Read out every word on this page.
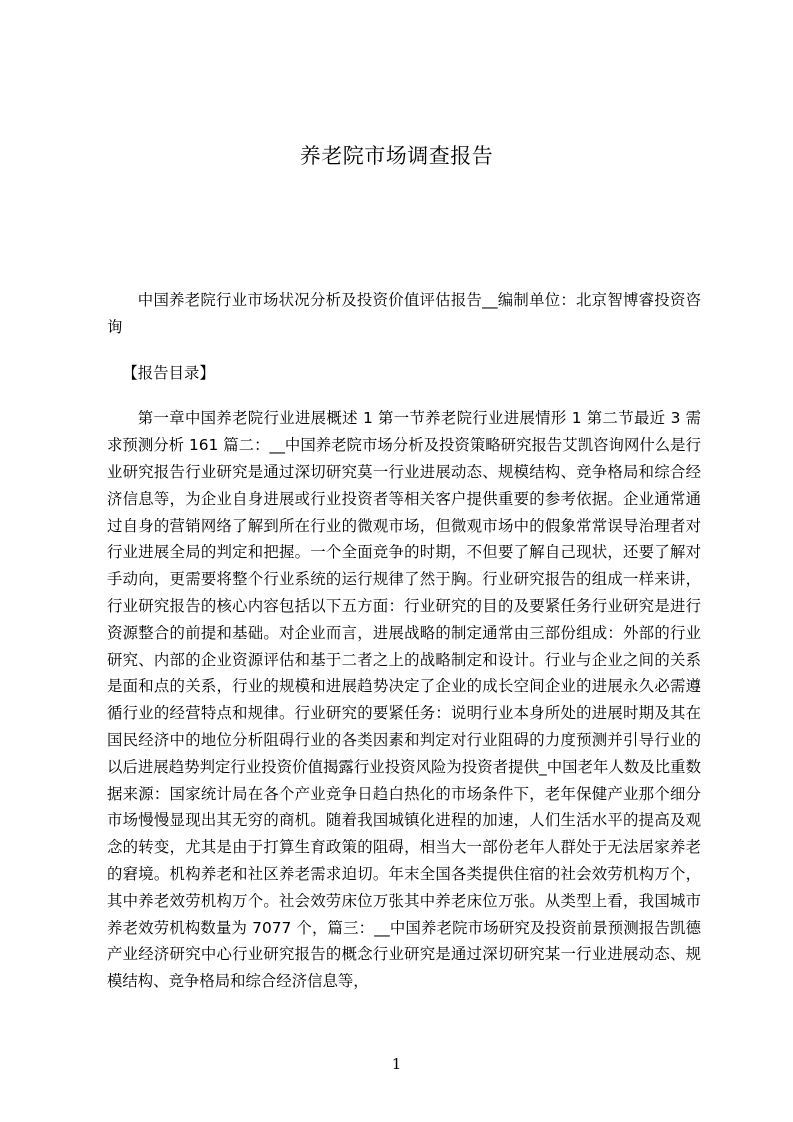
养老院市场调查报告

中国养老院行业市场状况分析及投资价值评估报告__编制单位：北京智博睿投资咨询

【报告目录】

第一章中国养老院行业进展概述 1 第一节养老院行业进展情形 1 第二节最近 3 需求预测分析 161 篇二：__中国养老院市场分析及投资策略研究报告艾凯咨询网什么是行业研究报告行业研究是通过深切研究莫一行业进展动态、规模结构、竞争格局和综合经济信息等，为企业自身进展或行业投资者等相关客户提供重要的参考依据。企业通常通过自身的营销网络了解到所在行业的微观市场，但微观市场中的假象常常误导治理者对行业进展全局的判定和把握。一个全面竞争的时期，不但要了解自己现状，还要了解对手动向，更需要将整个行业系统的运行规律了然于胸。行业研究报告的组成一样来讲，行业研究报告的核心内容包括以下五方面：行业研究的目的及要紧任务行业研究是进行资源整合的前提和基础。对企业而言，进展战略的制定通常由三部份组成：外部的行业研究、内部的企业资源评估和基于二者之上的战略制定和设计。行业与企业之间的关系是面和点的关系，行业的规模和进展趋势决定了企业的成长空间企业的进展永久必需遵循行业的经营特点和规律。行业研究的要紧任务：说明行业本身所处的进展时期及其在国民经济中的地位分析阻碍行业的各类因素和判定对行业阻碍的力度预测并引导行业的以后进展趋势判定行业投资价值揭露行业投资风险为投资者提供_中国老年人数及比重数据来源：国家统计局在各个产业竞争日趋白热化的市场条件下，老年保健产业那个细分市场慢慢显现出其无穷的商机。随着我国城镇化进程的加速，人们生活水平的提高及观念的转变，尤其是由于打算生育政策的阻碍，相当大一部份老年人群处于无法居家养老的窘境。机构养老和社区养老需求迫切。年末全国各类提供住宿的社会效劳机构万个，其中养老效劳机构万个。社会效劳床位万张其中养老床位万张。从类型上看，我国城市养老效劳机构数量为 7077 个，篇三：__中国养老院市场研究及投资前景预测报告凯德产业经济研究中心行业研究报告的概念行业研究是通过深切研究某一行业进展动态、规模结构、竞争格局和综合经济信息等，

1
